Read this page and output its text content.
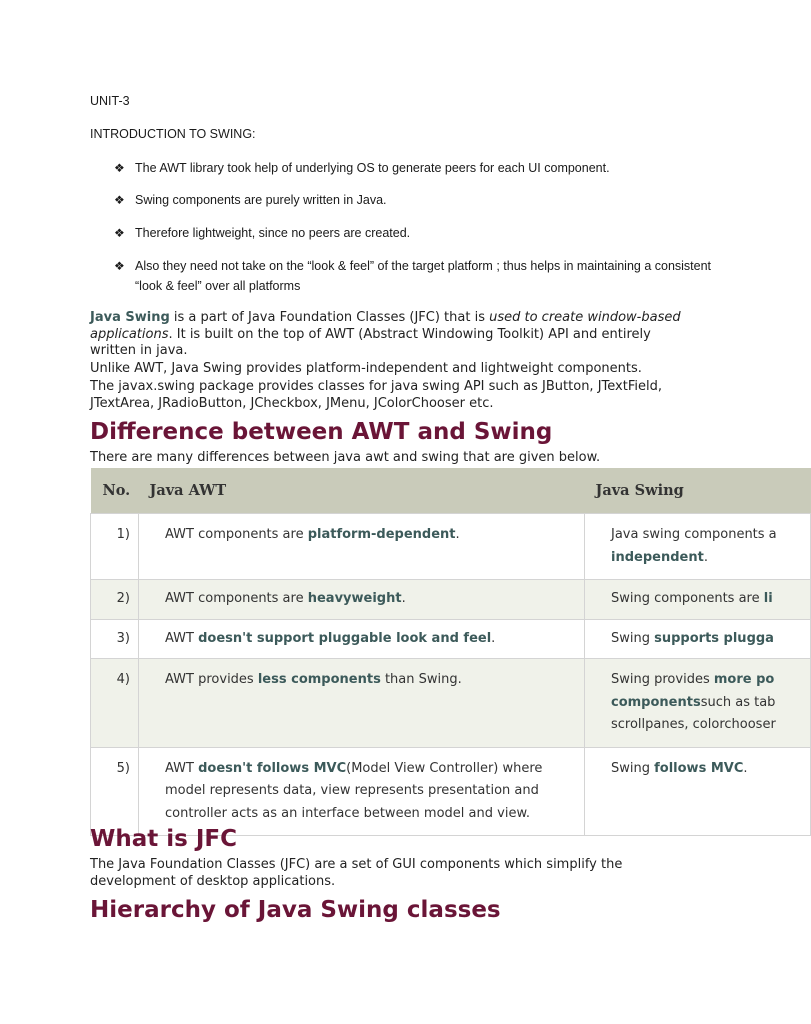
UNIT-3
INTRODUCTION TO SWING:
❖ The AWT library took help of underlying OS to generate peers for each UI component.
❖ Swing components are purely written in Java.
❖ Therefore lightweight, since no peers are created.
❖ Also they need not take on the “look & feel” of the target platform ; thus helps in maintaining a consistent “look & feel” over all platforms
Java Swing is a part of Java Foundation Classes (JFC) that is used to create window-based applications. It is built on the top of AWT (Abstract Windowing Toolkit) API and entirely written in java.
Unlike AWT, Java Swing provides platform-independent and lightweight components.
The javax.swing package provides classes for java swing API such as JButton, JTextField, JTextArea, JRadioButton, JCheckbox, JMenu, JColorChooser etc.
Difference between AWT and Swing
There are many differences between java awt and swing that are given below.
No.	Java AWT	Java Swing
1)	AWT components are platform-dependent.	Java swing components a
independent.
2)	AWT components are heavyweight.	Swing components are li
3)	AWT doesn't support pluggable look and feel.	Swing supports plugga
4)	AWT provides less components than Swing.	Swing provides more po
componentssuch as tab
scrollpanes, colorchooser
5)	AWT doesn't follows MVC(Model View Controller) where model represents data, view represents presentation and controller acts as an interface between model and view.	Swing follows MVC.
What is JFC
The Java Foundation Classes (JFC) are a set of GUI components which simplify the development of desktop applications.
Hierarchy of Java Swing classes
